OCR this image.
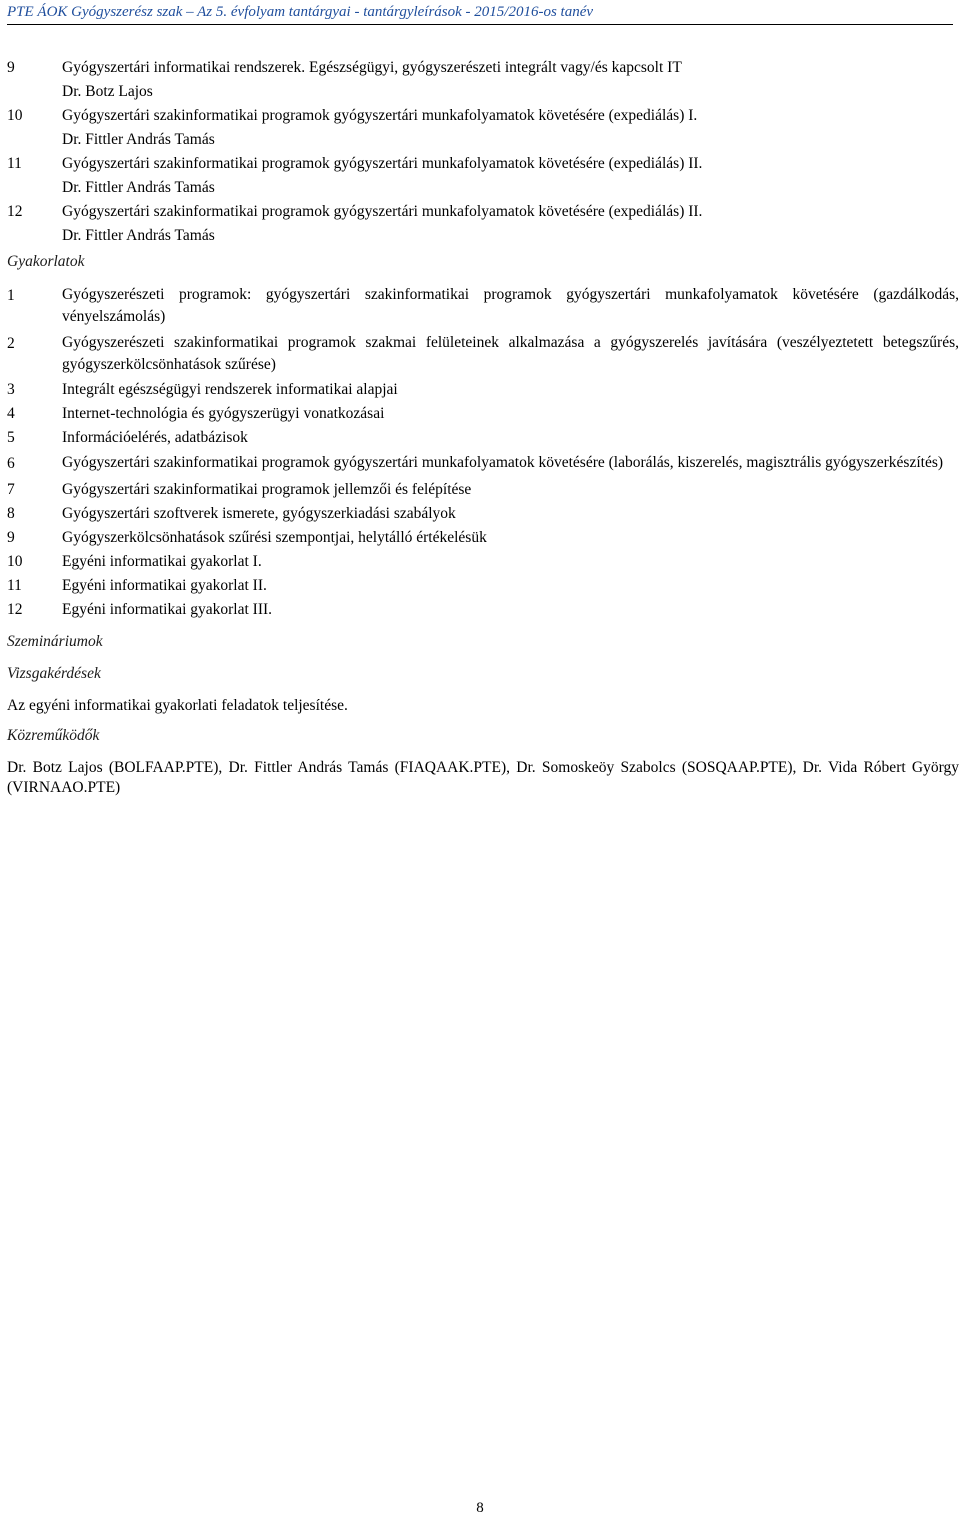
PTE ÁOK Gyógyszerész szak – Az 5. évfolyam tantárgyai - tantárgyleírások - 2015/2016-os tanév
9	Gyógyszertári informatikai rendszerek. Egészségügyi, gyógyszerészeti integrált vagy/és kapcsolt IT
Dr. Botz Lajos
10	Gyógyszertári szakinformatikai programok gyógyszertári munkafolyamatok követésére (expediálás) I.
Dr. Fittler András Tamás
11	Gyógyszertári szakinformatikai programok gyógyszertári munkafolyamatok követésére (expediálás) II.
Dr. Fittler András Tamás
12	Gyógyszertári szakinformatikai programok gyógyszertári munkafolyamatok követésére (expediálás) II.
Dr. Fittler András Tamás
Gyakorlatok
1	Gyógyszerészeti programok: gyógyszertári szakinformatikai programok gyógyszertári munkafolyamatok követésére (gazdálkodás, vényelszámolás)
2	Gyógyszerészeti szakinformatikai programok szakmai felületeinek alkalmazása a gyógyszerelés javítására (veszélyeztetett betegszűrés, gyógyszerkölcsönhatások szűrése)
3	Integrált egészségügyi rendszerek informatikai alapjai
4	Internet-technológia és gyógyszerügyi vonatkozásai
5	Információelérés, adatbázisok
6	Gyógyszertári szakinformatikai programok gyógyszertári munkafolyamatok követésére (laborálás, kiszerelés, magisztrális gyógyszerkészítés)
7	Gyógyszertári szakinformatikai programok jellemzői és felépítése
8	Gyógyszertári szoftverek ismerete, gyógyszerkiadási szabályok
9	Gyógyszerkölcsönhatások szűrési szempontjai, helytálló értékelésük
10	Egyéni informatikai gyakorlat I.
11	Egyéni informatikai gyakorlat II.
12	Egyéni informatikai gyakorlat III.
Szemináriumok
Vizsgakérdések
Az egyéni informatikai gyakorlati feladatok teljesítése.
Közreműködők
Dr. Botz Lajos (BOLFAAP.PTE), Dr. Fittler András Tamás (FIAQAAK.PTE), Dr. Somoskeöy Szabolcs (SOSQAAP.PTE), Dr. Vida Róbert György (VIRNAAO.PTE)
8
